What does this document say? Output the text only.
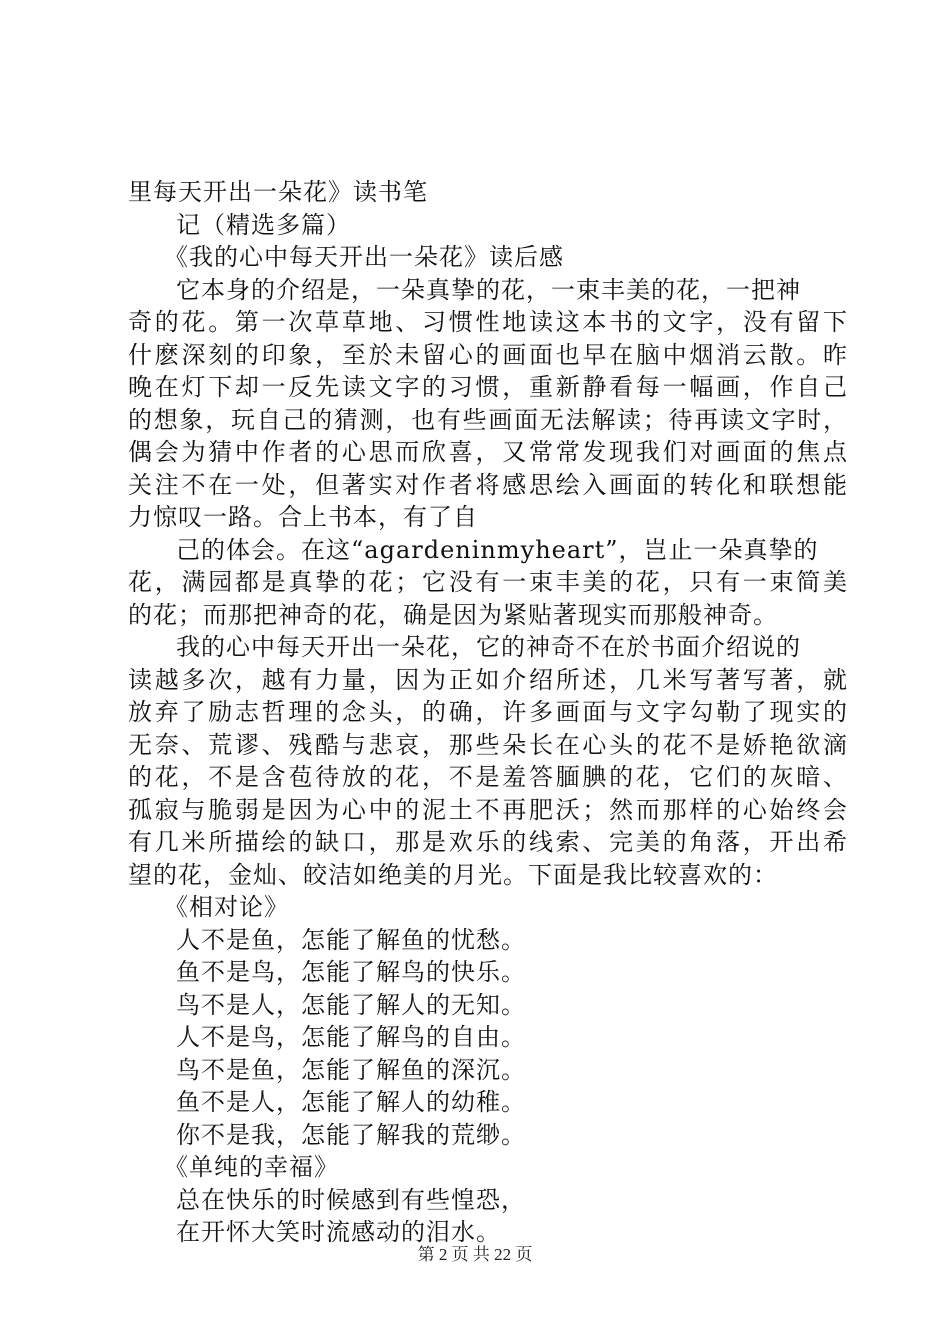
里每天开出一朵花》读书笔
记（精选多篇）
《我的心中每天开出一朵花》读后感
它本身的介绍是，一朵真挚的花，一束丰美的花，一把神
奇的花。第一次草草地、习惯性地读这本书的文字，没有留下
什麽深刻的印象，至於未留心的画面也早在脑中烟消云散。昨
晚在灯下却一反先读文字的习惯，重新静看每一幅画，作自己
的想象，玩自己的猜测，也有些画面无法解读；待再读文字时，
偶会为猜中作者的心思而欣喜，又常常发现我们对画面的焦点
关注不在一处，但著实对作者将感思绘入画面的转化和联想能
力惊叹一路。合上书本，有了自
己的体会。在这“agardeninmyheart”，岂止一朵真挚的
花，满园都是真挚的花；它没有一束丰美的花，只有一束简美
的花；而那把神奇的花，确是因为紧贴著现实而那般神奇。
我的心中每天开出一朵花，它的神奇不在於书面介绍说的
读越多次，越有力量，因为正如介绍所述，几米写著写著，就
放弃了励志哲理的念头，的确，许多画面与文字勾勒了现实的
无奈、荒谬、残酷与悲哀，那些朵长在心头的花不是娇艳欲滴
的花，不是含苞待放的花，不是羞答腼腆的花，它们的灰暗、
孤寂与脆弱是因为心中的泥土不再肥沃；然而那样的心始终会
有几米所描绘的缺口，那是欢乐的线索、完美的角落，开出希
望的花，金灿、皎洁如绝美的月光。下面是我比较喜欢的：
《相对论》
人不是鱼，怎能了解鱼的忧愁。
鱼不是鸟，怎能了解鸟的快乐。
鸟不是人，怎能了解人的无知。
人不是鸟，怎能了解鸟的自由。
鸟不是鱼，怎能了解鱼的深沉。
鱼不是人，怎能了解人的幼稚。
你不是我，怎能了解我的荒缈。
《单纯的幸福》
总在快乐的时候感到有些惶恐，
在开怀大笑时流感动的泪水。
第 2 页 共 22 页
